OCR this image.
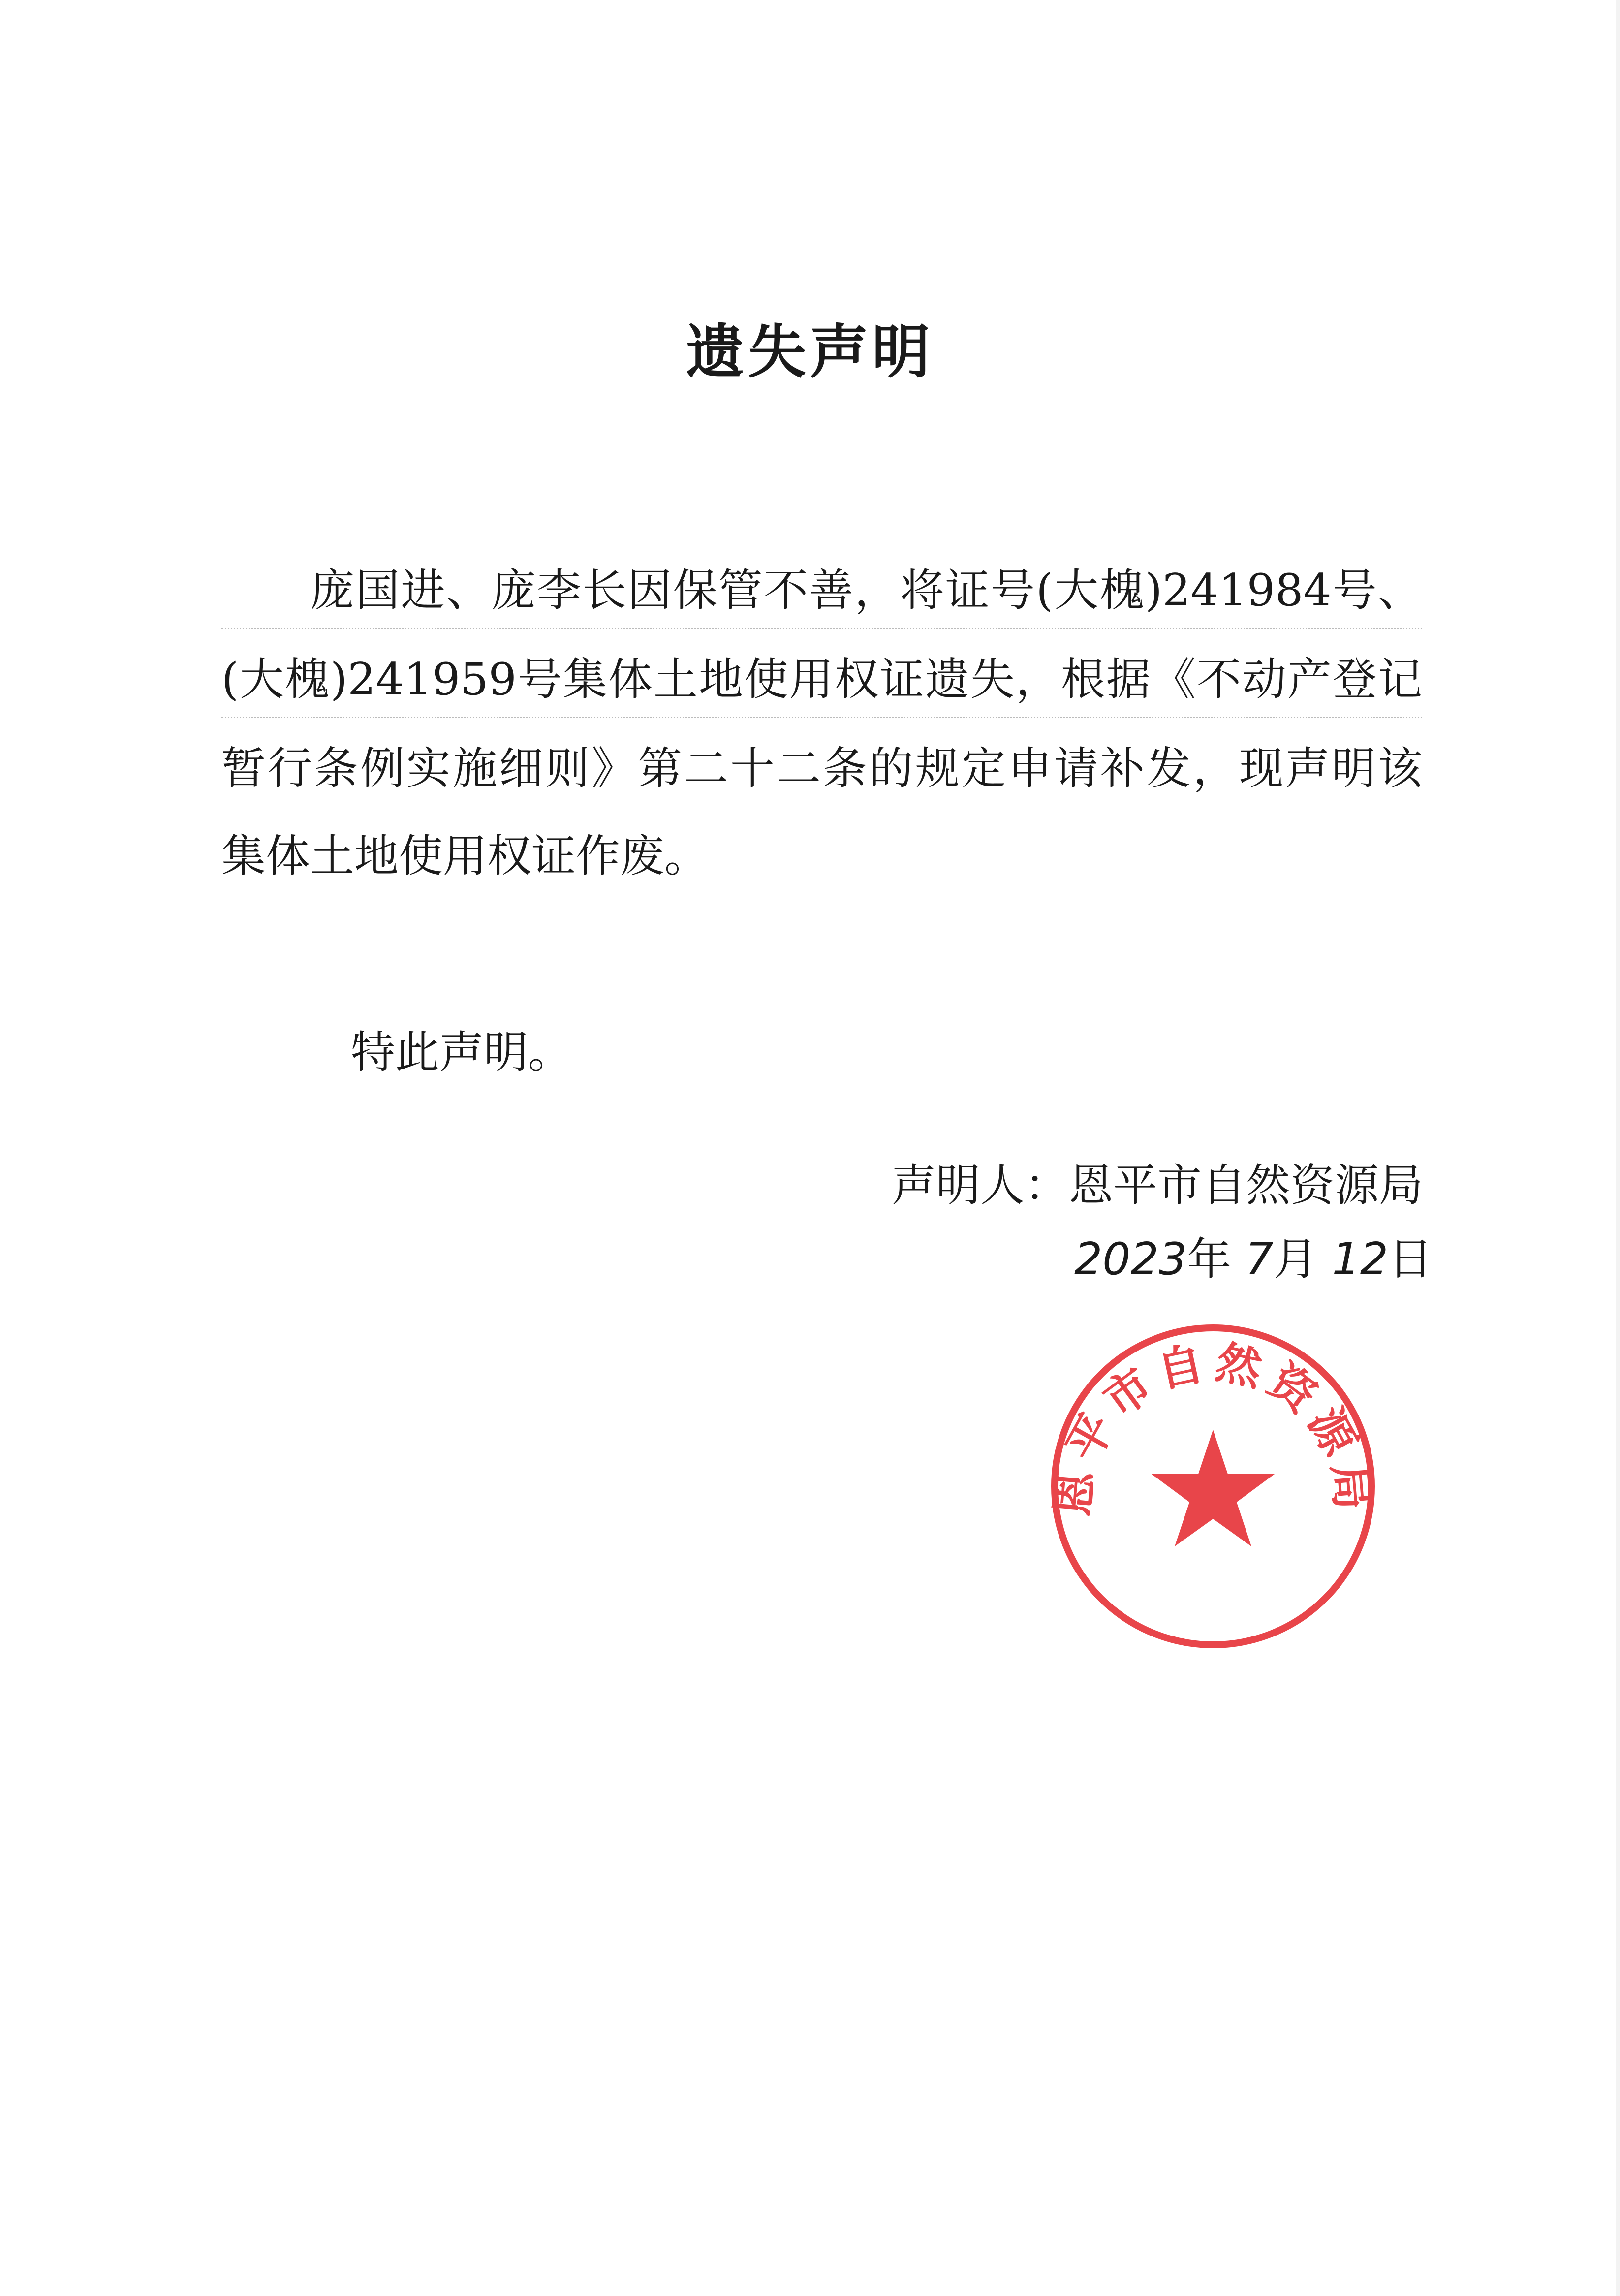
遗失声明
庞国进、庞李长因保管不善，将证号(大槐)241984号、
(大槐)241959号集体土地使用权证遗失，根据《不动产登记
暂行条例实施细则》第二十二条的规定申请补发，现声明该
集体土地使用权证作废。
特此声明。
声明人：恩平市自然资源局
2023年 7月 12日
恩平市自然资源局
